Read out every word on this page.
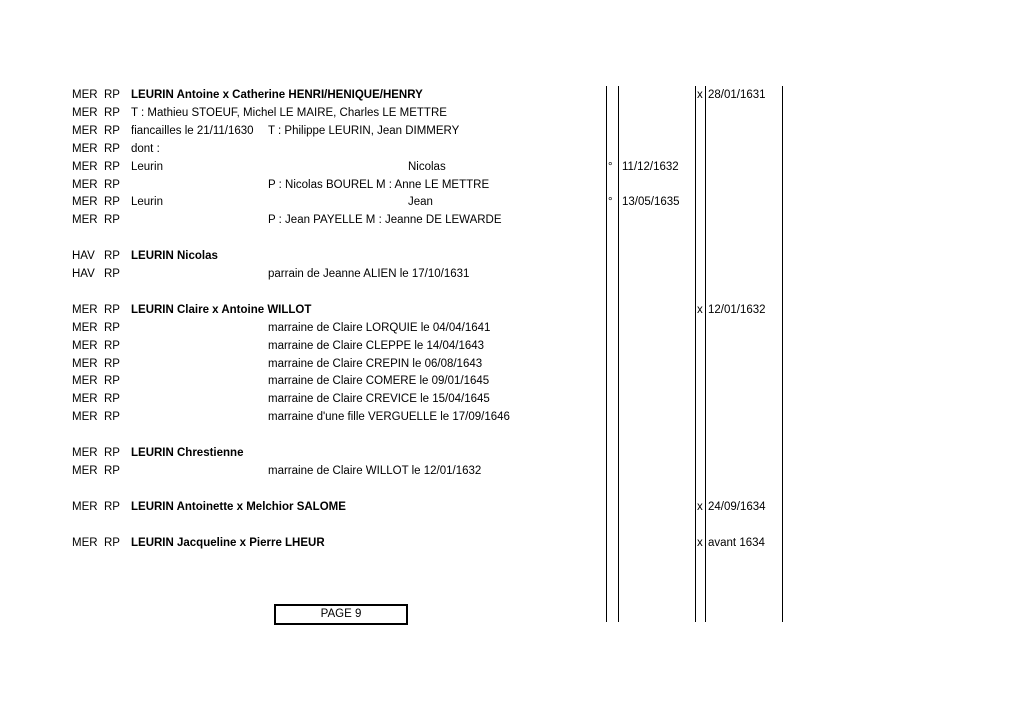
MER RP LEURIN Antoine x Catherine HENRI/HENIQUE/HENRY	x 28/01/1631
MER RP T : Mathieu STOEUF, Michel LE MAIRE, Charles LE METTRE
MER RP fiancailles le 21/11/1630 T : Philippe LEURIN, Jean DIMMERY
MER RP dont :
MER RP Leurin	Nicolas	° 11/12/1632
MER RP	P : Nicolas BOUREL M : Anne LE METTRE
MER RP Leurin	Jean	° 13/05/1635
MER RP	P : Jean PAYELLE M : Jeanne DE LEWARDE
HAV RP LEURIN Nicolas
HAV RP	parrain de Jeanne ALIEN le 17/10/1631
MER RP LEURIN Claire x Antoine WILLOT	x 12/01/1632
MER RP	marraine de Claire LORQUIE le 04/04/1641
MER RP	marraine de Claire CLEPPE le 14/04/1643
MER RP	marraine de Claire CREPIN le 06/08/1643
MER RP	marraine de Claire COMERE le 09/01/1645
MER RP	marraine de Claire CREVICE le 15/04/1645
MER RP	marraine d'une fille VERGUELLE le 17/09/1646
MER RP LEURIN Chrestienne
MER RP	marraine de Claire WILLOT le 12/01/1632
MER RP LEURIN Antoinette x Melchior SALOME	x 24/09/1634
MER RP LEURIN Jacqueline x Pierre LHEUR	x avant 1634
PAGE 9
